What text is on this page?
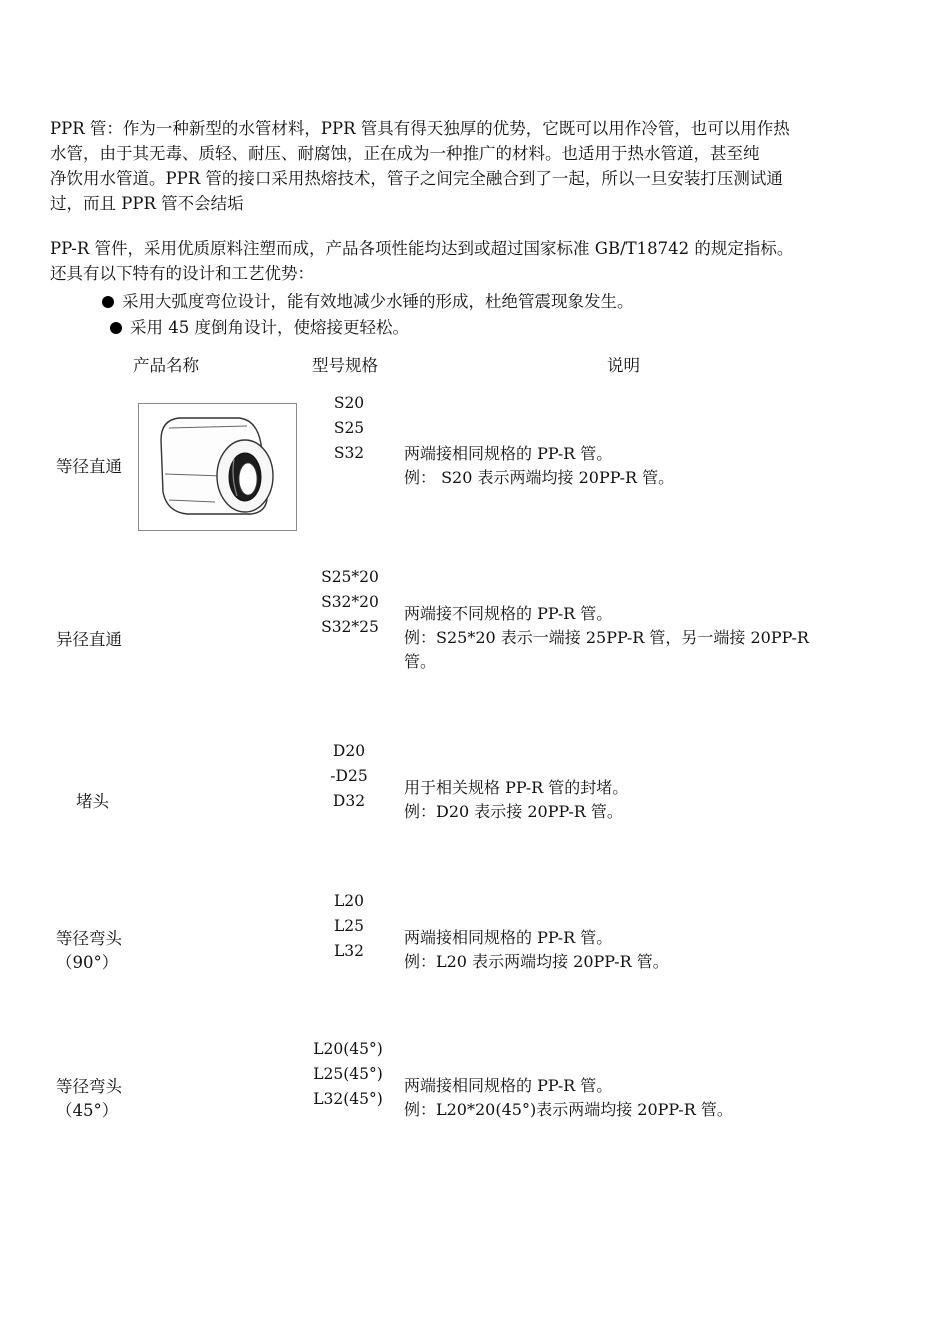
PPR 管：作为一种新型的水管材料，PPR 管具有得天独厚的优势，它既可以用作冷管，也可以用作热
水管，由于其无毒、质轻、耐压、耐腐蚀，正在成为一种推广的材料。也适用于热水管道，甚至纯
净饮用水管道。PPR 管的接口采用热熔技术，管子之间完全融合到了一起，所以一旦安装打压测试通
过，而且 PPR 管不会结垢
PP-R 管件，采用优质原料注塑而成，产品各项性能均达到或超过国家标准 GB/T18742 的规定指标。
还具有以下特有的设计和工艺优势：
采用大弧度弯位设计，能有效地减少水锤的形成，杜绝管震现象发生。
采用 45 度倒角设计，使熔接更轻松。
产品名称	型号规格	说明
等径直通
S20
S25
S32 两端接相同规格的 PP-R 管。
例： S20 表示两端均接 20PP-R 管。
异径直通
S25*20
S32*20
S32*25
两端接不同规格的 PP-R 管。
例：S25*20 表示一端接 25PP-R 管，另一端接 20PP-R
管。
堵头
D20
-D25
D32
用于相关规格 PP-R 管的封堵。
例：D20 表示接 20PP-R 管。
等径弯头
（90°）
L20
L25
L32
两端接相同规格的 PP-R 管。
例：L20 表示两端均接 20PP-R 管。
等径弯头
（45°）
L20(45°)
L25(45°)
L32(45°)
两端接相同规格的 PP-R 管。
例：L20*20(45°)表示两端均接 20PP-R 管。
